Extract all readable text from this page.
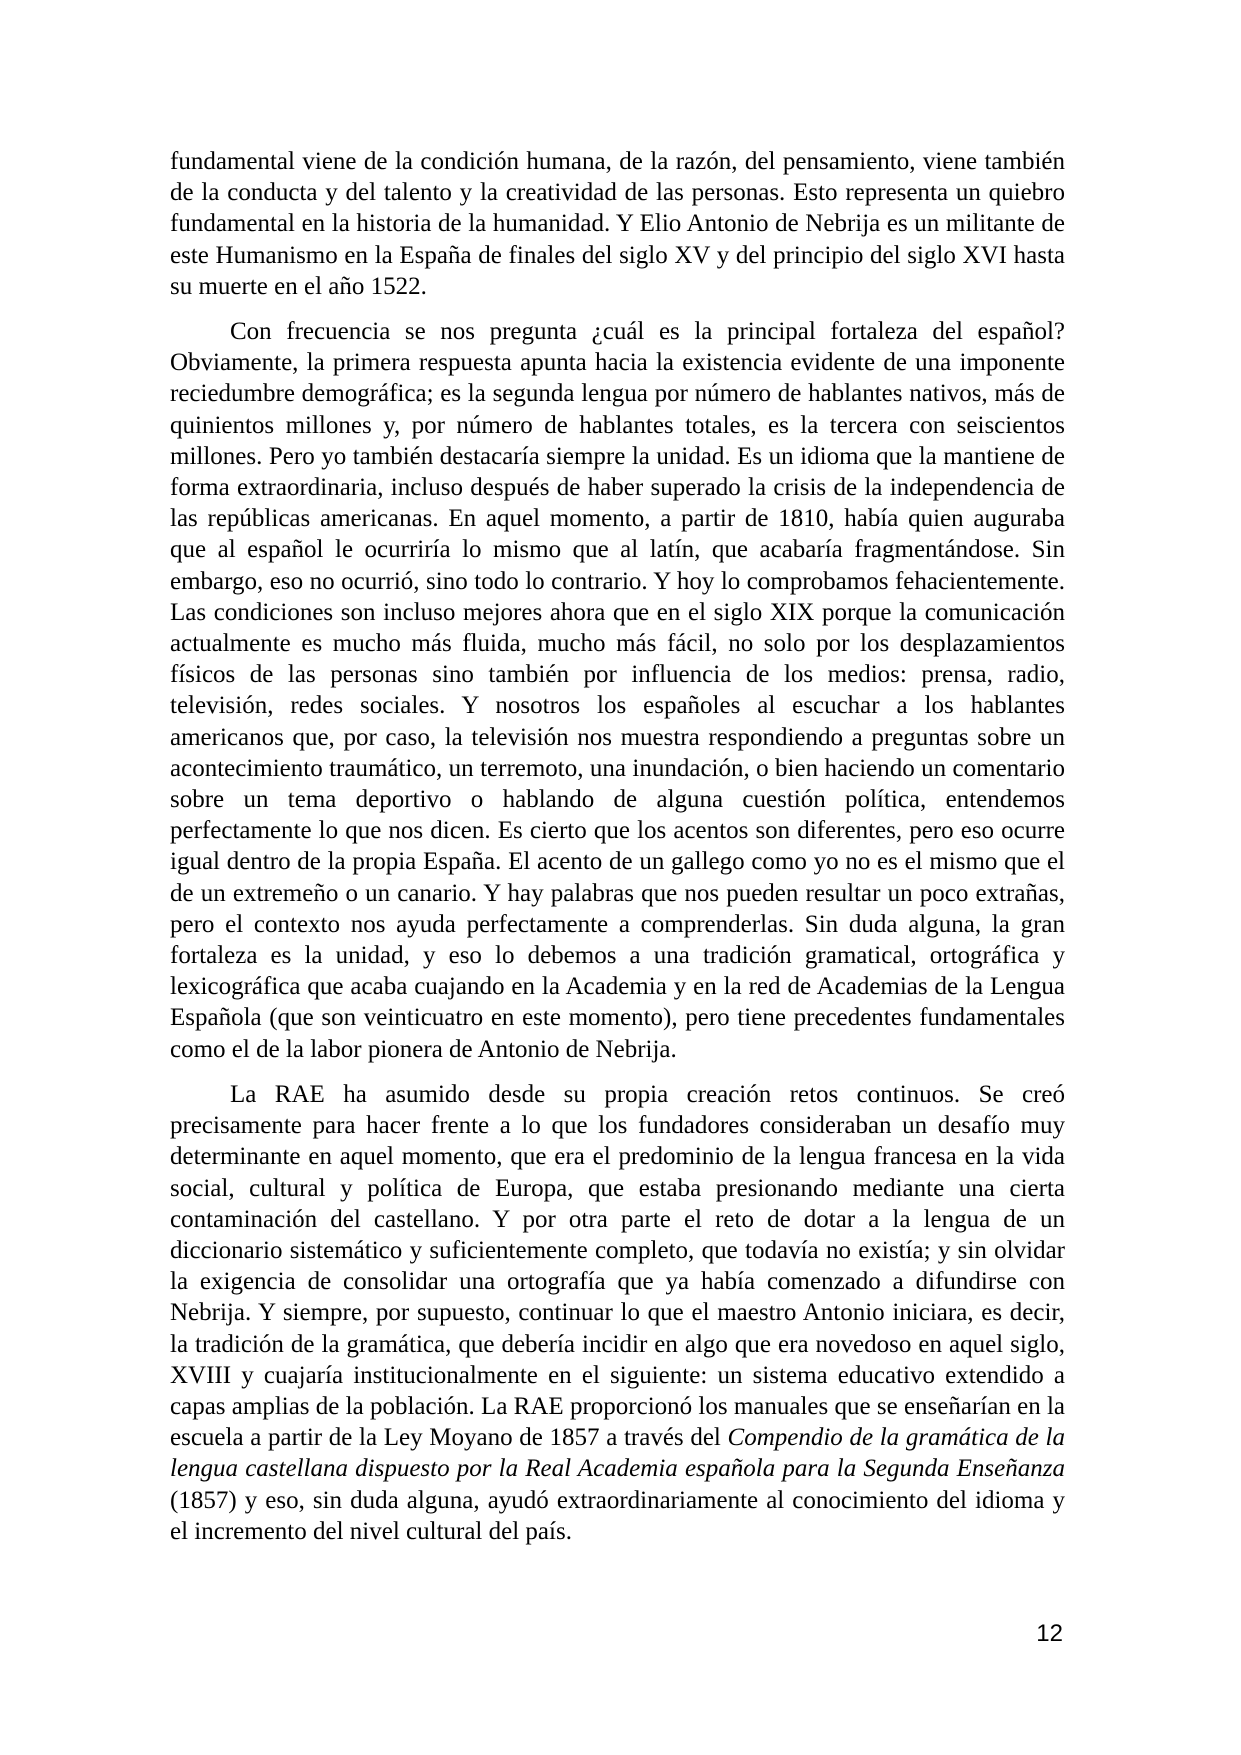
fundamental viene de la condición humana, de la razón, del pensamiento, viene también de la conducta y del talento y la creatividad de las personas. Esto representa un quiebro fundamental en la historia de la humanidad. Y Elio Antonio de Nebrija es un militante de este Humanismo en la España de finales del siglo XV y del principio del siglo XVI hasta su muerte en el año 1522.

Con frecuencia se nos pregunta ¿cuál es la principal fortaleza del español? Obviamente, la primera respuesta apunta hacia la existencia evidente de una imponente reciedumbre demográfica; es la segunda lengua por número de hablantes nativos, más de quinientos millones y, por número de hablantes totales, es la tercera con seiscientos millones. Pero yo también destacaría siempre la unidad. Es un idioma que la mantiene de forma extraordinaria, incluso después de haber superado la crisis de la independencia de las repúblicas americanas. En aquel momento, a partir de 1810, había quien auguraba que al español le ocurriría lo mismo que al latín, que acabaría fragmentándose. Sin embargo, eso no ocurrió, sino todo lo contrario. Y hoy lo comprobamos fehacientemente. Las condiciones son incluso mejores ahora que en el siglo XIX porque la comunicación actualmente es mucho más fluida, mucho más fácil, no solo por los desplazamientos físicos de las personas sino también por influencia de los medios: prensa, radio, televisión, redes sociales. Y nosotros los españoles al escuchar a los hablantes americanos que, por caso, la televisión nos muestra respondiendo a preguntas sobre un acontecimiento traumático, un terremoto, una inundación, o bien haciendo un comentario sobre un tema deportivo o hablando de alguna cuestión política, entendemos perfectamente lo que nos dicen. Es cierto que los acentos son diferentes, pero eso ocurre igual dentro de la propia España. El acento de un gallego como yo no es el mismo que el de un extremeño o un canario. Y hay palabras que nos pueden resultar un poco extrañas, pero el contexto nos ayuda perfectamente a comprenderlas. Sin duda alguna, la gran fortaleza es la unidad, y eso lo debemos a una tradición gramatical, ortográfica y lexicográfica que acaba cuajando en la Academia y en la red de Academias de la Lengua Española (que son veinticuatro en este momento), pero tiene precedentes fundamentales como el de la labor pionera de Antonio de Nebrija.

La RAE ha asumido desde su propia creación retos continuos. Se creó precisamente para hacer frente a lo que los fundadores consideraban un desafío muy determinante en aquel momento, que era el predominio de la lengua francesa en la vida social, cultural y política de Europa, que estaba presionando mediante una cierta contaminación del castellano. Y por otra parte el reto de dotar a la lengua de un diccionario sistemático y suficientemente completo, que todavía no existía; y sin olvidar la exigencia de consolidar una ortografía que ya había comenzado a difundirse con Nebrija. Y siempre, por supuesto, continuar lo que el maestro Antonio iniciara, es decir, la tradición de la gramática, que debería incidir en algo que era novedoso en aquel siglo, XVIII y cuajaría institucionalmente en el siguiente: un sistema educativo extendido a capas amplias de la población. La RAE proporcionó los manuales que se enseñarían en la escuela a partir de la Ley Moyano de 1857 a través del Compendio de la gramática de la lengua castellana dispuesto por la Real Academia española para la Segunda Enseñanza (1857) y eso, sin duda alguna, ayudó extraordinariamente al conocimiento del idioma y el incremento del nivel cultural del país.

12
